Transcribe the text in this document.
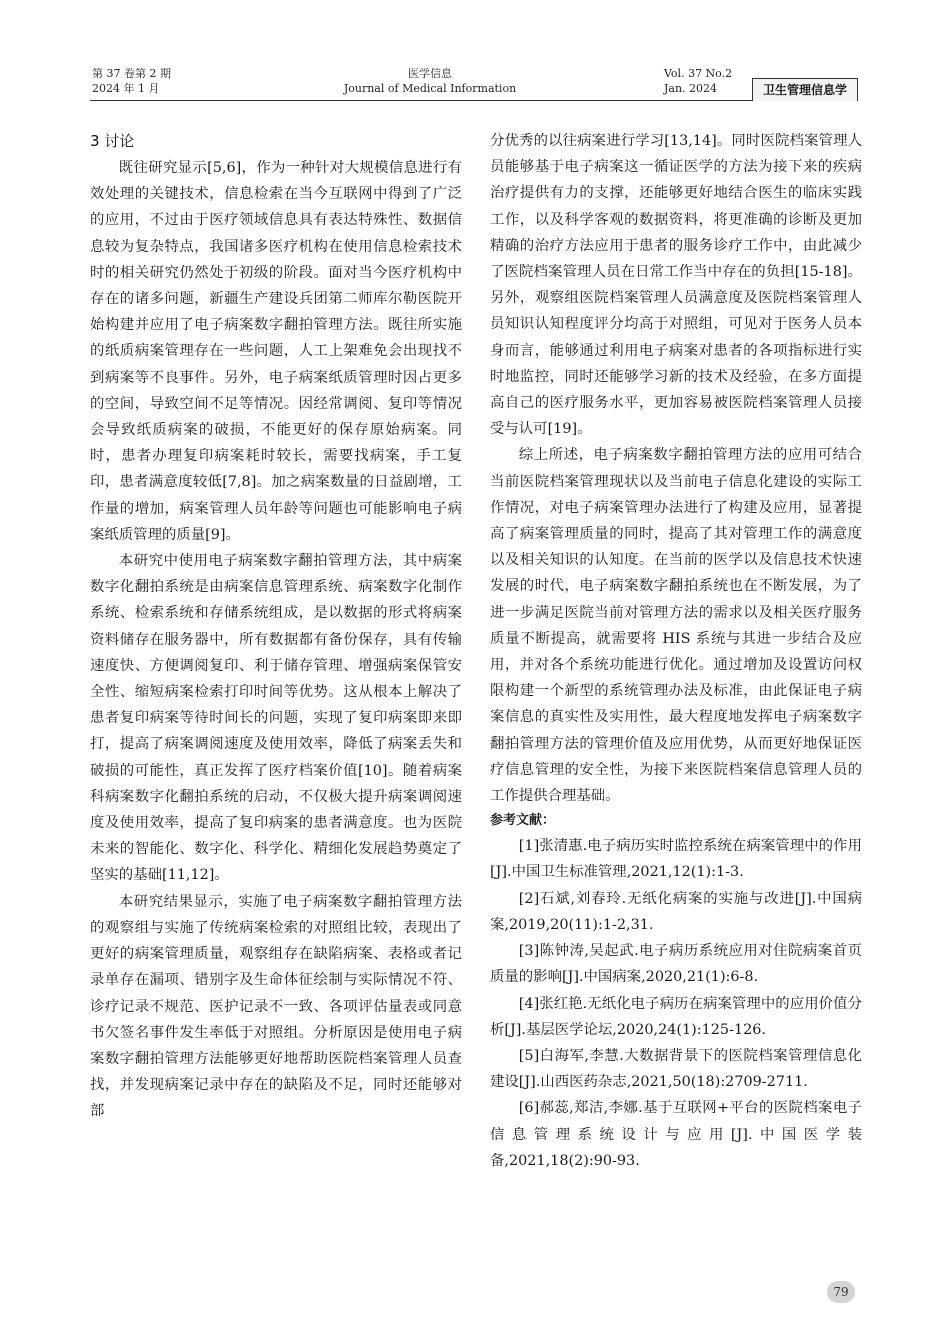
第 37 卷第 2 期
2024 年 1 月
医学信息
Journal of Medical Information
Vol. 37 No.2
Jan. 2024	卫生管理信息学
3 讨论

既往研究显示[5,6]，作为一种针对大规模信息进行有效处理的关键技术，信息检索在当今互联网中得到了广泛的应用，不过由于医疗领域信息具有表达特殊性、数据信息较为复杂特点，我国诸多医疗机构在使用信息检索技术时的相关研究仍然处于初级的阶段。面对当今医疗机构中存在的诸多问题，新疆生产建设兵团第二师库尔勒医院开始构建并应用了电子病案数字翻拍管理方法。既往所实施的纸质病案管理存在一些问题，人工上架难免会出现找不到病案等不良事件。另外，电子病案纸质管理时因占更多的空间，导致空间不足等情况。因经常调阅、复印等情况会导致纸质病案的破损，不能更好的保存原始病案。同时，患者办理复印病案耗时较长，需要找病案，手工复印，患者满意度较低[7,8]。加之病案数量的日益剧增，工作量的增加，病案管理人员年龄等问题也可能影响电子病案纸质管理的质量[9]。

本研究中使用电子病案数字翻拍管理方法，其中病案数字化翻拍系统是由病案信息管理系统、病案数字化制作系统、检索系统和存储系统组成，是以数据的形式将病案资料储存在服务器中，所有数据都有备份保存，具有传输速度快、方便调阅复印、利于储存管理、增强病案保管安全性、缩短病案检索打印时间等优势。这从根本上解决了患者复印病案等待时间长的问题，实现了复印病案即来即打，提高了病案调阅速度及使用效率，降低了病案丢失和破损的可能性，真正发挥了医疗档案价值[10]。随着病案科病案数字化翻拍系统的启动，不仅极大提升病案调阅速度及使用效率，提高了复印病案的患者满意度。也为医院未来的智能化、数字化、科学化、精细化发展趋势奠定了坚实的基础[11,12]。

本研究结果显示，实施了电子病案数字翻拍管理方法的观察组与实施了传统病案检索的对照组比较，表现出了更好的病案管理质量，观察组存在缺陷病案、表格或者记录单存在漏项、错别字及生命体征绘制与实际情况不符、诊疗记录不规范、医护记录不一致、各项评估量表或同意书欠签名事件发生率低于对照组。分析原因是使用电子病案数字翻拍管理方法能够更好地帮助医院档案管理人员查找，并发现病案记录中存在的缺陷及不足，同时还能够对部

分优秀的以往病案进行学习[13,14]。同时医院档案管理人员能够基于电子病案这一循证医学的方法为接下来的疾病治疗提供有力的支撑，还能够更好地结合医生的临床实践工作，以及科学客观的数据资料，将更准确的诊断及更加精确的治疗方法应用于患者的服务诊疗工作中，由此减少了医院档案管理人员在日常工作当中存在的负担[15-18]。另外，观察组医院档案管理人员满意度及医院档案管理人员知识认知程度评分均高于对照组，可见对于医务人员本身而言，能够通过利用电子病案对患者的各项指标进行实时地监控，同时还能够学习新的技术及经验，在多方面提高自己的医疗服务水平，更加容易被医院档案管理人员接受与认可[19]。

综上所述，电子病案数字翻拍管理方法的应用可结合当前医院档案管理现状以及当前电子信息化建设的实际工作情况，对电子病案管理办法进行了构建及应用，显著提高了病案管理质量的同时，提高了其对管理工作的满意度以及相关知识的认知度。在当前的医学以及信息技术快速发展的时代，电子病案数字翻拍系统也在不断发展，为了进一步满足医院当前对管理方法的需求以及相关医疗服务质量不断提高，就需要将 HIS 系统与其进一步结合及应用，并对各个系统功能进行优化。通过增加及设置访问权限构建一个新型的系统管理办法及标准，由此保证电子病案信息的真实性及实用性，最大程度地发挥电子病案数字翻拍管理方法的管理价值及应用优势，从而更好地保证医疗信息管理的安全性，为接下来医院档案信息管理人员的工作提供合理基础。

参考文献：

[1]张清惠.电子病历实时监控系统在病案管理中的作用[J].中国卫生标准管理,2021,12(1):1-3.

[2]石斌,刘春玲.无纸化病案的实施与改进[J].中国病案,2019,20(11):1-2,31.

[3]陈钟涛,吴起武.电子病历系统应用对住院病案首页质量的影响[J].中国病案,2020,21(1):6-8.

[4]张红艳.无纸化电子病历在病案管理中的应用价值分析[J].基层医学论坛,2020,24(1):125-126.

[5]白海军,李慧.大数据背景下的医院档案管理信息化建设[J].山西医药杂志,2021,50(18):2709-2711.

[6]郝蕊,郑洁,李娜.基于互联网+平台的医院档案电子信息管理系统设计与应用[J].中国医学装备,2021,18(2):90-93.

79
